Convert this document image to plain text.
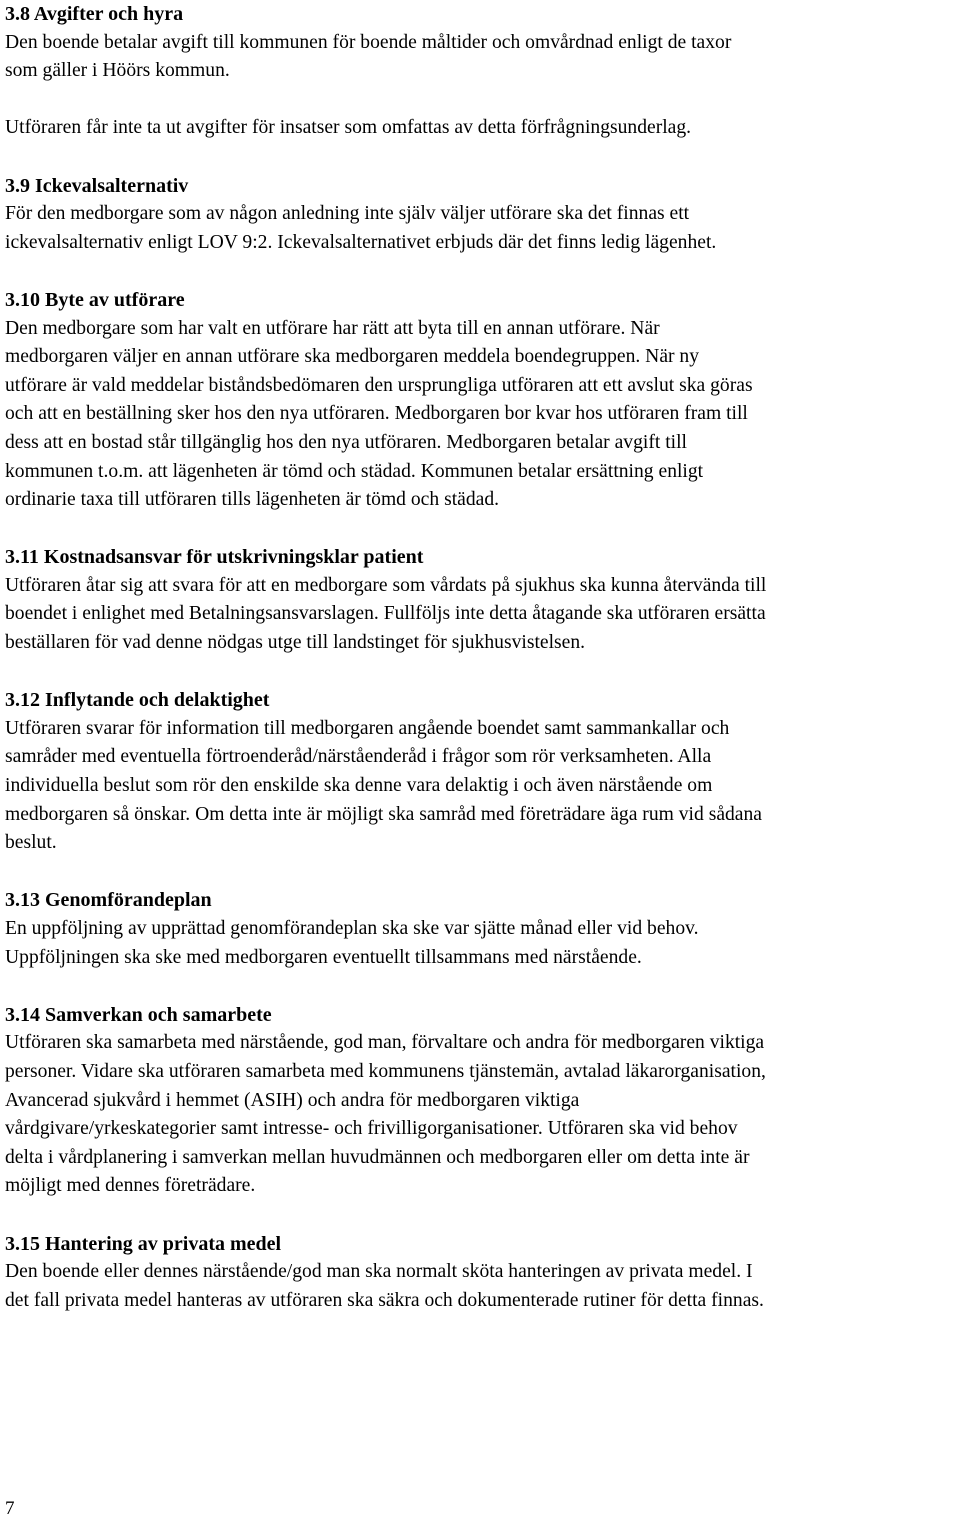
3.8 Avgifter och hyra
Den boende betalar avgift till kommunen för boende måltider och omvårdnad enligt de taxor
som gäller i Höörs kommun.
Utföraren får inte ta ut avgifter för insatser som omfattas av detta förfrågningsunderlag.
3.9 Ickevalsalternativ
För den medborgare som av någon anledning inte själv väljer utförare ska det finnas ett
ickevalsalternativ enligt LOV 9:2. Ickevalsalternativet erbjuds där det finns ledig lägenhet.
3.10 Byte av utförare
Den medborgare som har valt en utförare har rätt att byta till en annan utförare. När
medborgaren väljer en annan utförare ska medborgaren meddela boendegruppen. När ny
utförare är vald meddelar biståndsbedömaren den ursprungliga utföraren att ett avslut ska göras
och att en beställning sker hos den nya utföraren. Medborgaren bor kvar hos utföraren fram till
dess att en bostad står tillgänglig hos den nya utföraren. Medborgaren betalar avgift till
kommunen t.o.m. att lägenheten är tömd och städad. Kommunen betalar ersättning enligt
ordinarie taxa till utföraren tills lägenheten är tömd och städad.
3.11 Kostnadsansvar för utskrivningsklar patient
Utföraren åtar sig att svara för att en medborgare som vårdats på sjukhus ska kunna återvända till
boendet i enlighet med Betalningsansvarslagen. Fullföljs inte detta åtagande ska utföraren ersätta
beställaren för vad denne nödgas utge till landstinget för sjukhusvistelsen.
3.12 Inflytande och delaktighet
Utföraren svarar för information till medborgaren angående boendet samt sammankallar och
samråder med eventuella förtroenderåd/närståenderåd i frågor som rör verksamheten. Alla
individuella beslut som rör den enskilde ska denne vara delaktig i och även närstående om
medborgaren så önskar. Om detta inte är möjligt ska samråd med företrädare äga rum vid sådana
beslut.
3.13 Genomförandeplan
En uppföljning av upprättad genomförandeplan ska ske var sjätte månad eller vid behov.
Uppföljningen ska ske med medborgaren eventuellt tillsammans med närstående.
3.14 Samverkan och samarbete
Utföraren ska samarbeta med närstående, god man, förvaltare och andra för medborgaren viktiga
personer. Vidare ska utföraren samarbeta med kommunens tjänstemän, avtalad läkarorganisation,
Avancerad sjukvård i hemmet (ASIH) och andra för medborgaren viktiga
vårdgivare/yrkeskategorier samt intresse- och frivilligorganisationer. Utföraren ska vid behov
delta i vårdplanering i samverkan mellan huvudmännen och medborgaren eller om detta inte är
möjligt med dennes företrädare.
3.15 Hantering av privata medel
Den boende eller dennes närstående/god man ska normalt sköta hanteringen av privata medel. I
det fall privata medel hanteras av utföraren ska säkra och dokumenterade rutiner för detta finnas.
7
